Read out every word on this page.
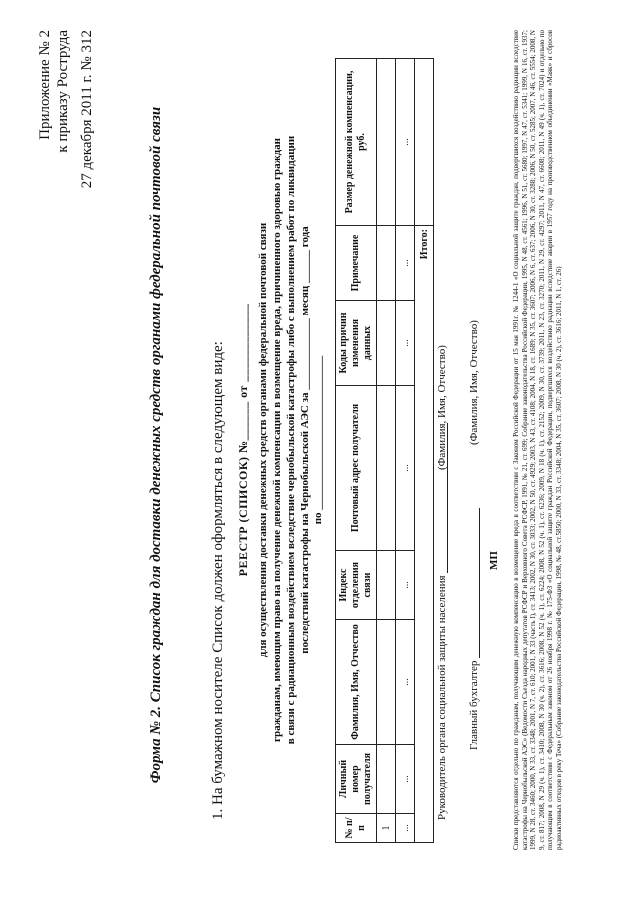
Приложение № 2 к приказу Роструда 27 декабря 2011 г. № 312	Форма № 2. Список граждан для доставки денежных средств органами федеральной почтовой связи	1. На бумажном носителе Список должен оформляться в следующем виде: РЕЕСТР (СПИСОК) №______ от ____________ для осуществления доставки денежных средств органами федеральной почтовой связи гражданам, имеющим право на получение денежной компенсации в возмещение вреда, причиненного здоровью граждан в связи с радиационным воздействием вследствие чернобыльской катастрофы либо с выполнением работ по ликвидации последствий катастрофы на Чернобыльской АЭС за _____________ месяц ______ года по ____________________________
№ п/п	Личный номер получателя	Фамилия, Имя, Отчество	Индекс отделения связи	Почтовый адрес получателя	Коды причин изменения данных	Примечание	Размер денежной компенсации, руб.
1							
...	...	...	...	...	...	...	...
Итого:							
Руководитель органа социальной защиты населения
(Фамилия, Имя, Отчество)
Главный бухгалтер
(Фамилия, Имя, Отчество)
МП Списки представляются отдельно по гражданам, получающим денежную компенсацию в возмещение вреда в соответствии с Законом Российской Федерации от 15 мая 1991г. № 1244-1 «О социальной защите граждан, подвергшихся воздействию радиации вследствие катастрофы на Чернобыльской АЭС» (Ведомости Съезда народных депутатов РСФСР и Верховного Совета РСФСР, 1991, № 21, ст. 699; Собрание законодательства Российской Федерации, 1995, N 48, ст. 4561; 1996, N 51, ст. 5680; 1997, N 47, ст. 5341; 1999, N 16, ст. 1937; 1999, N 28, ст. 3460; 2000, N 33, ст. 3348; 2001, N 7, ст. 610; 2001, N 33 (часть I), ст. 3413; 2002, N 30, ст. 3033; 2002, N 50, ст. 4929; 2003, N 43, ст. 4108; 2004, N 18, ст. 1689; N 35, ст. 3607; 2006, N 6, ст. 637; 2006, N 30, ст. 3288; 2006, N 50, ст. 5285; 2007, N 46, ст. 5554; 2008, N 9, ст. 817; 2008, N 29 (ч. 1), ст. 3410; 2008, N 30 (ч. 2), ст. 3616; 2008, N 52 (ч. 1), ст. 6224; 2008, N 52 (ч. 1), ст. 6236; 2009, N 18 (ч. 1), ст. 2152; 2009, N 30, ст. 3739; 2011, N 23, ст. 3270; 2011, N 29, ст. 4297; 2011, N 47, ст. 6608; 2011, N 49 (ч. 1), ст. 7024) и отдельно по получающим в соответствии с Федеральным законом от 26 ноября 1998 г. № 175-ФЗ «О социальной защите граждан Российской Федерации, подвергшихся воздействию радиации вследствие аварии в 1957 году на производственном объединении «Маяк» и сбросов радиоактивных отходов в реку Теча» (Собрание законодательства Российской Федерации, 1998, № 48, ст.5850; 2000, N 33, ст. 3348; 2004, N 35, ст. 3607; 2008, N 30 (ч. 2), ст. 3616; 2011, N 1, ст. 26)
